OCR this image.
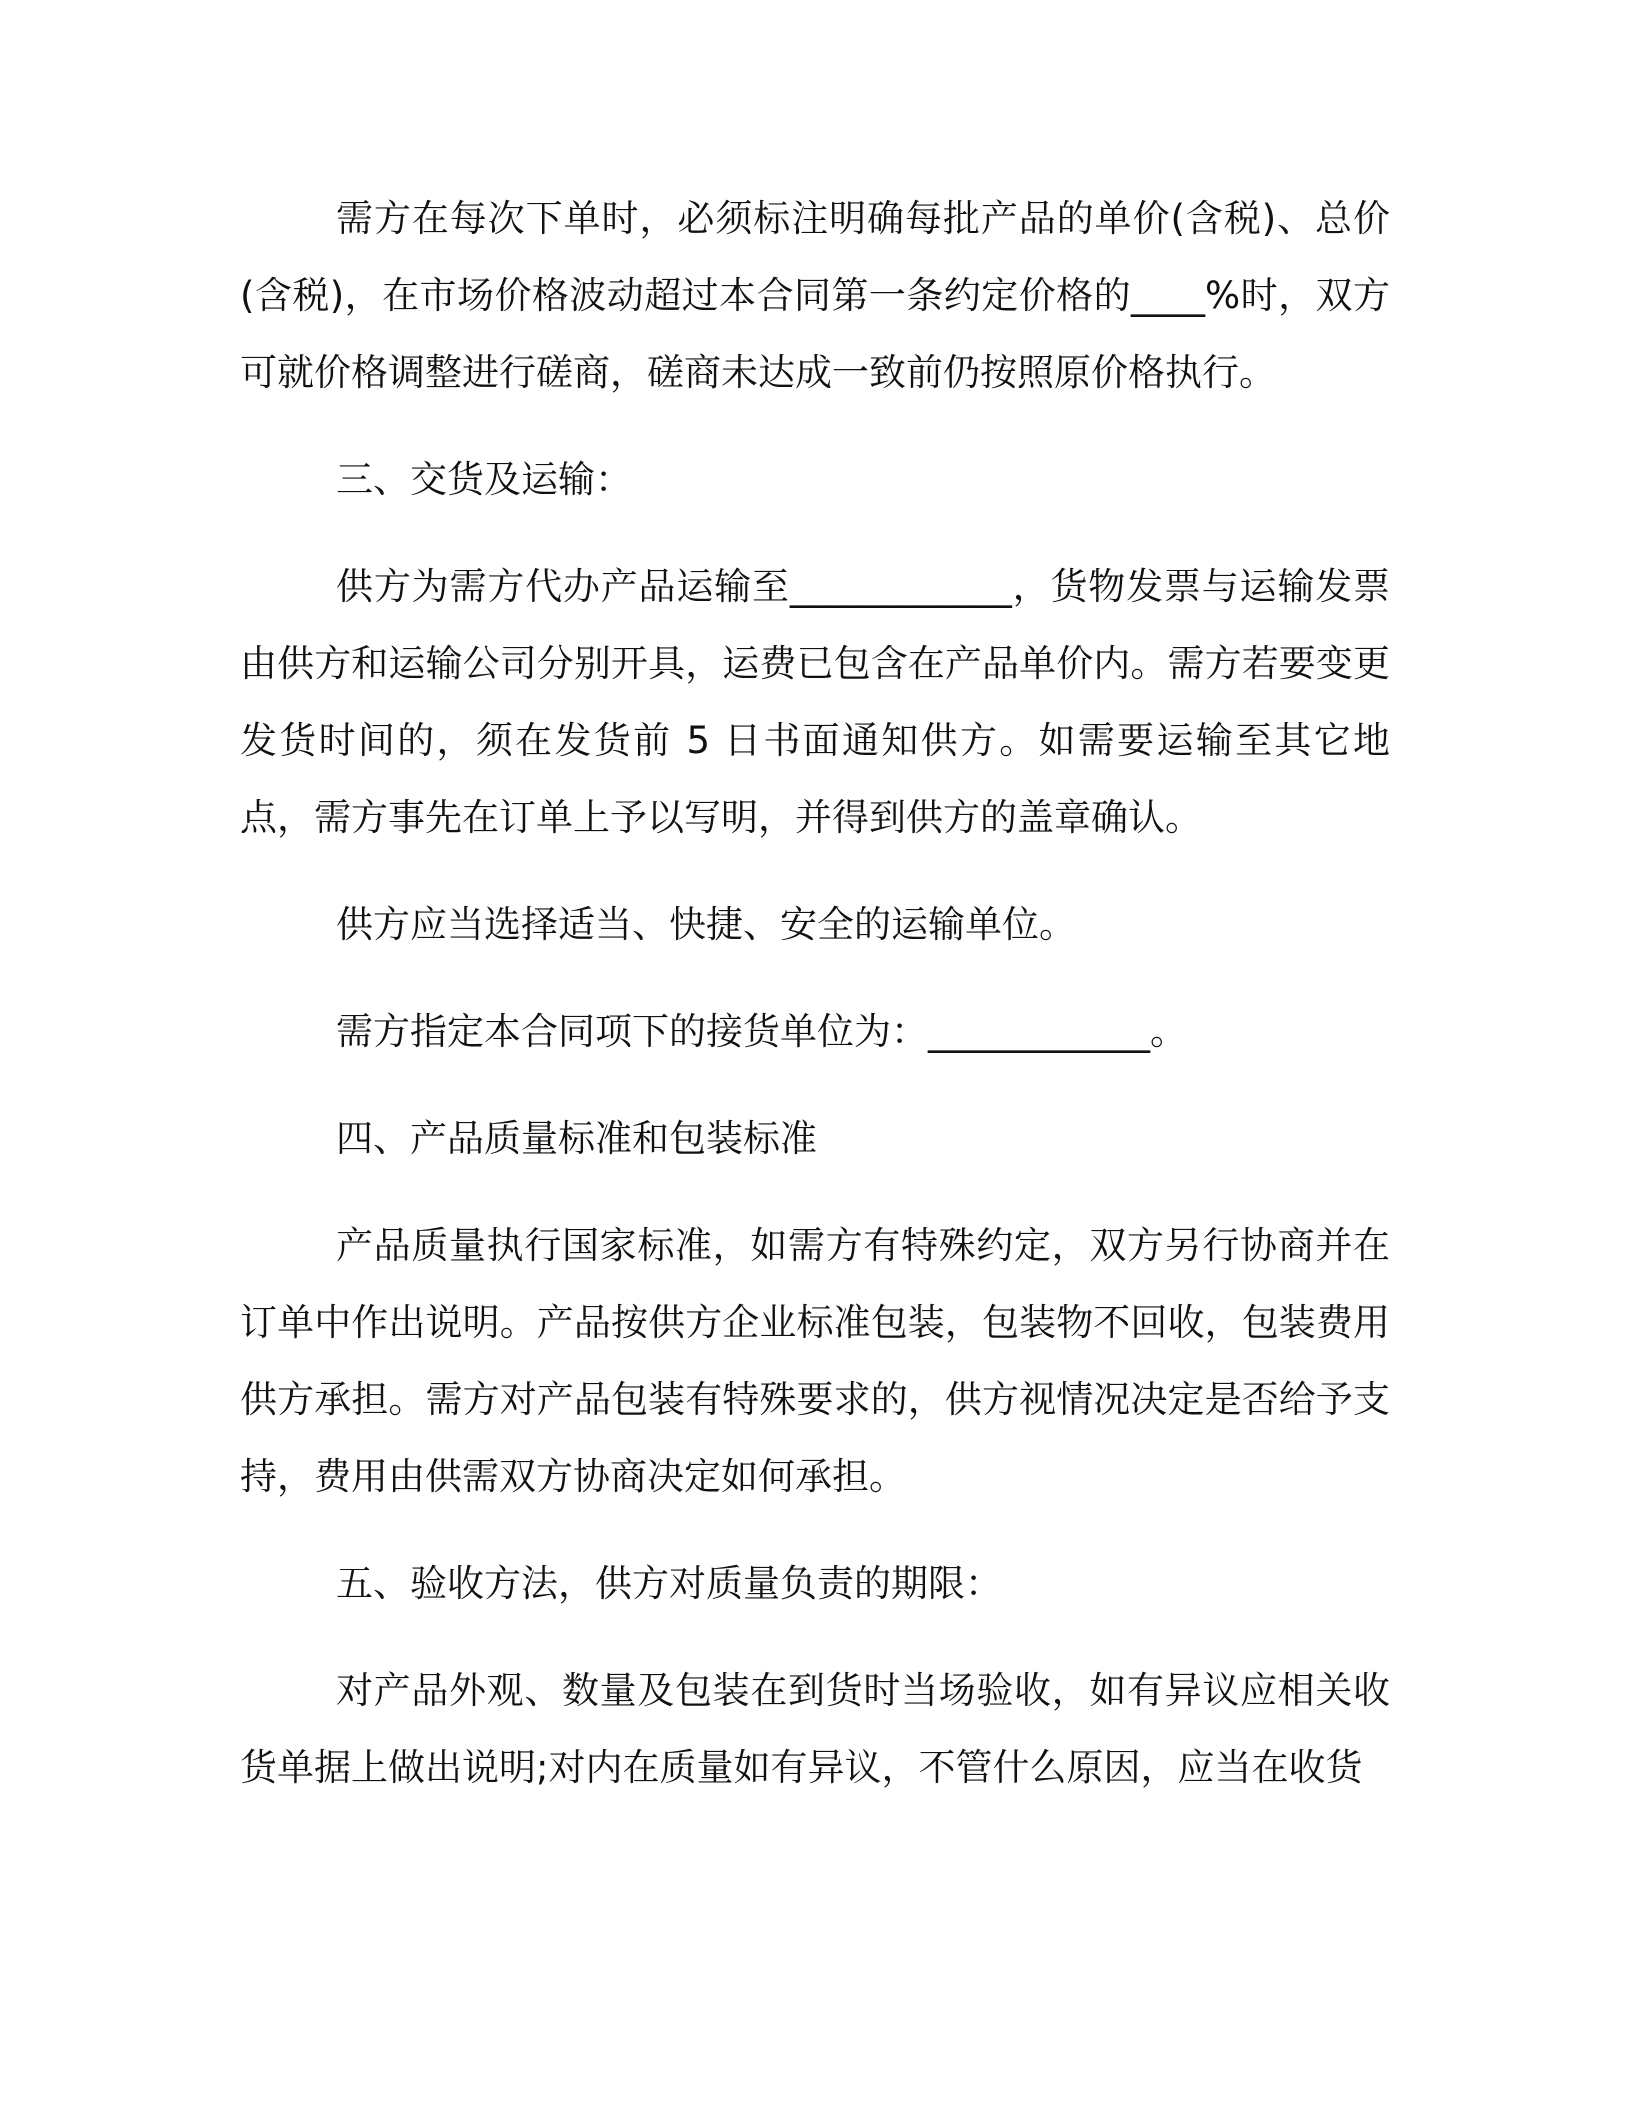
需方在每次下单时，必须标注明确每批产品的单价(含税)、总价(含税)，在市场价格波动超过本合同第一条约定价格的____%时，双方可就价格调整进行磋商，磋商未达成一致前仍按照原价格执行。

三、交货及运输：

供方为需方代办产品运输至____________，货物发票与运输发票由供方和运输公司分别开具，运费已包含在产品单价内。需方若要变更发货时间的，须在发货前 5 日书面通知供方。如需要运输至其它地点，需方事先在订单上予以写明，并得到供方的盖章确认。

供方应当选择适当、快捷、安全的运输单位。

需方指定本合同项下的接货单位为：____________。

四、产品质量标准和包装标准

产品质量执行国家标准，如需方有特殊约定，双方另行协商并在订单中作出说明。产品按供方企业标准包装，包装物不回收，包装费用供方承担。需方对产品包装有特殊要求的，供方视情况决定是否给予支持，费用由供需双方协商决定如何承担。

五、验收方法，供方对质量负责的期限：

对产品外观、数量及包装在到货时当场验收，如有异议应相关收货单据上做出说明;对内在质量如有异议，不管什么原因，应当在收货
